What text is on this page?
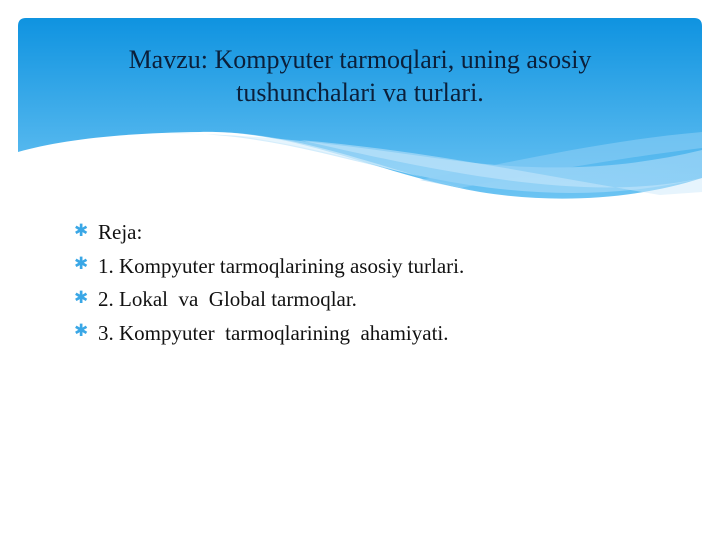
Mavzu: Kompyuter tarmoqlari, uning asosiy
tushunchalari va turlari.
✱ Reja:
✱ 1. Kompyuter tarmoqlarining asosiy turlari.
✱ 2. Lokal  va  Global tarmoqlar.
✱ 3. Kompyuter  tarmoqlarining  ahamiyati.
